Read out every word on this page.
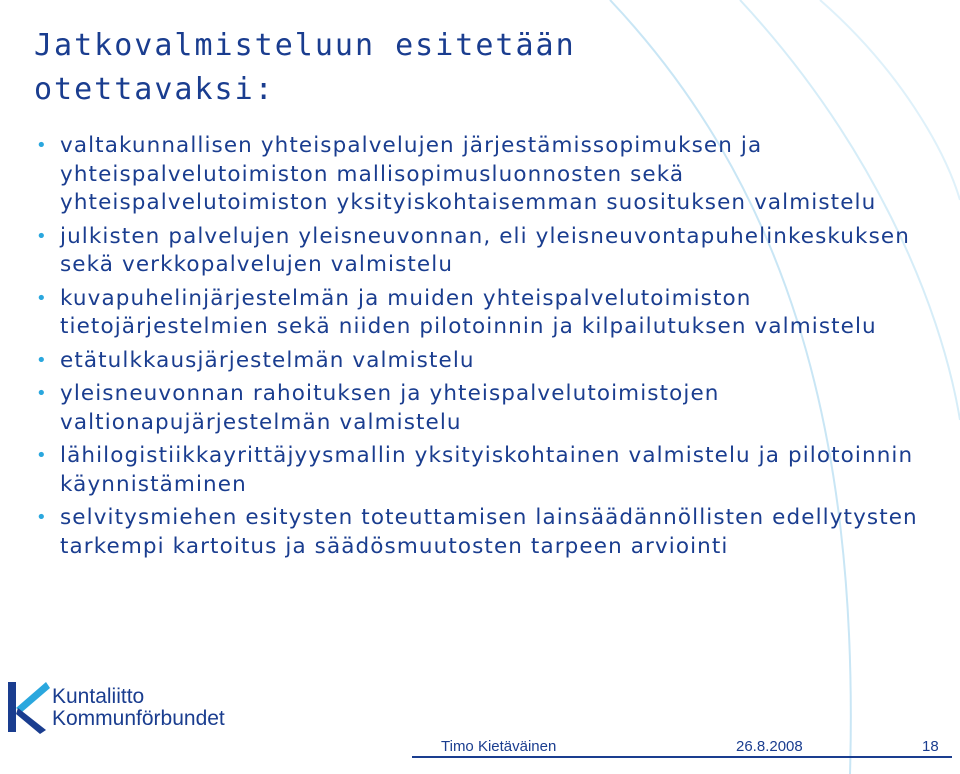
Jatkovalmisteluun esitetään
otettavaksi:
• valtakunnallisen yhteispalvelujen järjestämissopimuksen ja yhteispalvelutoimiston mallisopimusluonnosten sekä yhteispalvelutoimiston yksityiskohtaisemman suosituksen valmistelu
• julkisten palvelujen yleisneuvonnan, eli yleisneuvontapuhelinkeskuksen sekä verkkopalvelujen valmistelu
• kuvapuhelinjärjestelmän ja muiden yhteispalvelutoimiston tietojärjestelmien sekä niiden pilotoinnin ja kilpailutuksen valmistelu
• etätulkkausjärjestelmän valmistelu
• yleisneuvonnan rahoituksen ja yhteispalvelutoimistojen valtionapujärjestelmän valmistelu
• lähilogistiikkayrittäjyysmallin yksityiskohtainen valmistelu ja pilotoinnin käynnistäminen
• selvitysmiehen esitysten toteuttamisen lainsäädännöllisten edellytysten tarkempi kartoitus ja säädösmuutosten tarpeen arviointi
Kuntaliitto
Kommunförbundet
Timo Kietäväinen	26.8.2008	18
